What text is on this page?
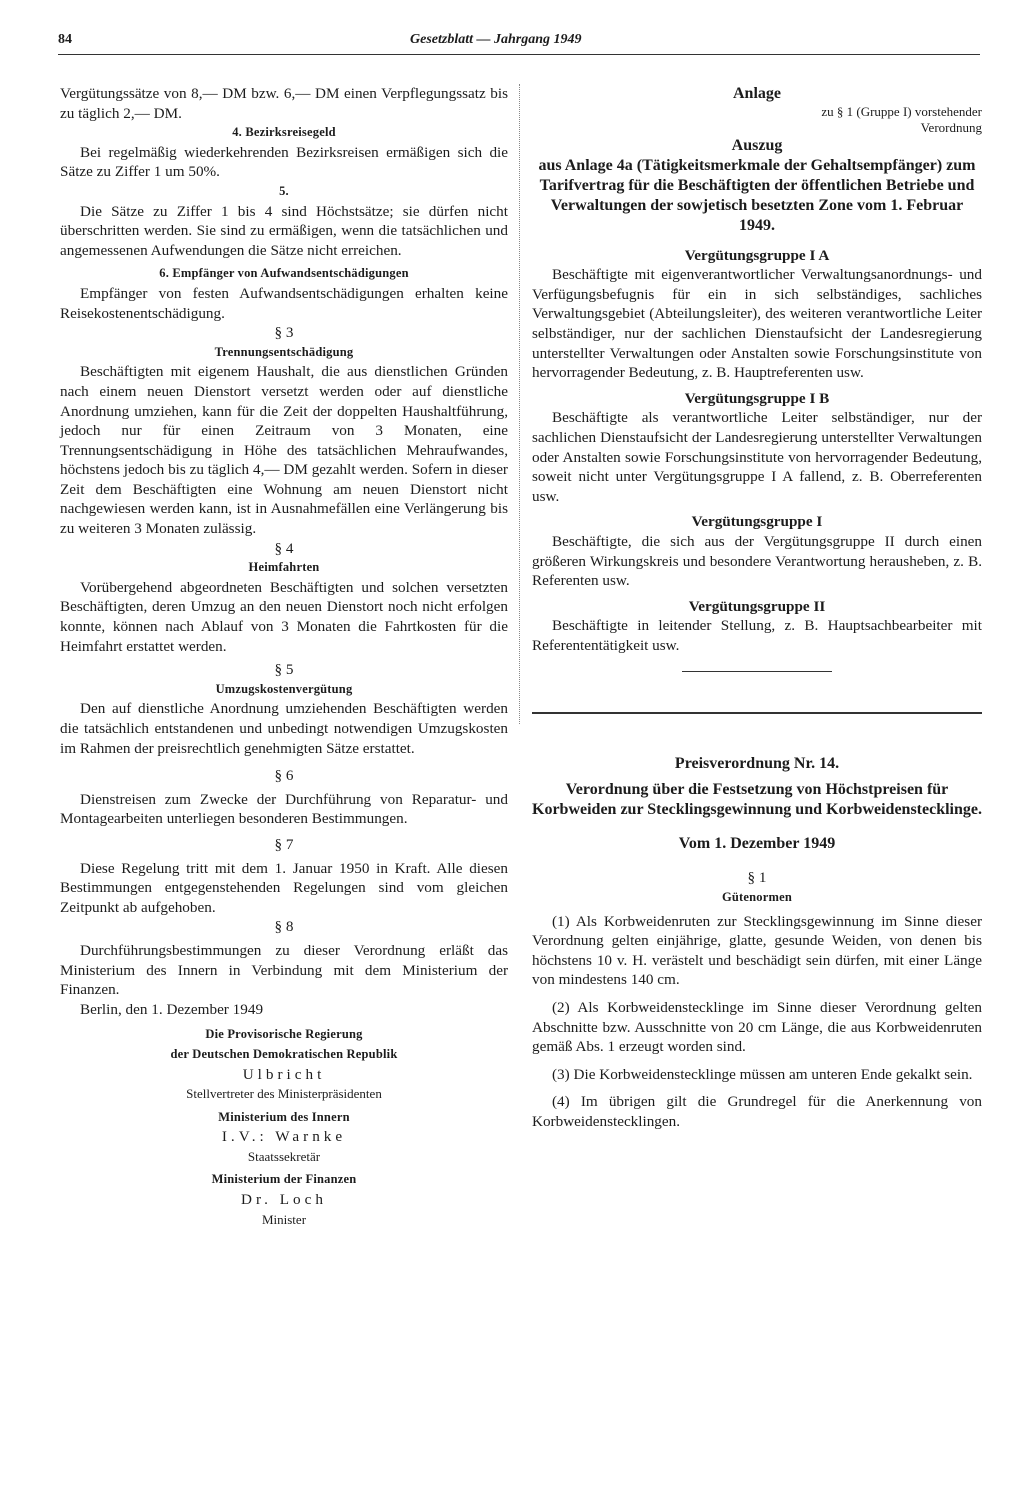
84	Gesetzblatt — Jahrgang 1949

Vergütungssätze von 8,— DM bzw. 6,— DM einen Verpflegungssatz bis zu täglich 2,— DM.

4. Bezirksreisegeld

Bei regelmäßig wiederkehrenden Bezirksreisen ermäßigen sich die Sätze zu Ziffer 1 um 50%.

5.

Die Sätze zu Ziffer 1 bis 4 sind Höchstsätze; sie dürfen nicht überschritten werden. Sie sind zu ermäßigen, wenn die tatsächlichen und angemessenen Aufwendungen die Sätze nicht erreichen.

6. Empfänger von Aufwandsentschädigungen

Empfänger von festen Aufwandsentschädigungen erhalten keine Reisekostenentschädigung.

§ 3
Trennungsentschädigung

Beschäftigten mit eigenem Haushalt, die aus dienstlichen Gründen nach einem neuen Dienstort versetzt werden oder auf dienstliche Anordnung umziehen, kann für die Zeit der doppelten Haushaltführung, jedoch nur für einen Zeitraum von 3 Monaten, eine Trennungsentschädigung in Höhe des tatsächlichen Mehraufwandes, höchstens jedoch bis zu täglich 4,— DM gezahlt werden. Sofern in dieser Zeit dem Beschäftigten eine Wohnung am neuen Dienstort nicht nachgewiesen werden kann, ist in Ausnahmefällen eine Verlängerung bis zu weiteren 3 Monaten zulässig.

§ 4
Heimfahrten

Vorübergehend abgeordneten Beschäftigten und solchen versetzten Beschäftigten, deren Umzug an den neuen Dienstort noch nicht erfolgen konnte, können nach Ablauf von 3 Monaten die Fahrtkosten für die Heimfahrt erstattet werden.

§ 5
Umzugskostenvergütung

Den auf dienstliche Anordnung umziehenden Beschäftigten werden die tatsächlich entstandenen und unbedingt notwendigen Umzugskosten im Rahmen der preisrechtlich genehmigten Sätze erstattet.

§ 6

Dienstreisen zum Zwecke der Durchführung von Reparatur- und Montagearbeiten unterliegen besonderen Bestimmungen.

§ 7

Diese Regelung tritt mit dem 1. Januar 1950 in Kraft. Alle diesen Bestimmungen entgegenstehenden Regelungen sind vom gleichen Zeitpunkt ab aufgehoben.

§ 8

Durchführungsbestimmungen zu dieser Verordnung erläßt das Ministerium des Innern in Verbindung mit dem Ministerium der Finanzen.

Berlin, den 1. Dezember 1949

Die Provisorische Regierung
der Deutschen Demokratischen Republik
Ulbricht
Stellvertreter des Ministerpräsidenten
Ministerium des Innern
I.V.: Warnke
Staatssekretär
Ministerium der Finanzen
Dr. Loch
Minister
Anlage
zu § 1 (Gruppe I) vorstehender
Verordnung
Auszug
aus Anlage 4a (Tätigkeitsmerkmale der Gehaltsempfänger) zum Tarifvertrag für die Beschäftigten der öffentlichen Betriebe und Verwaltungen der sowjetisch besetzten Zone vom 1. Februar 1949.
Vergütungsgruppe I A

Beschäftigte mit eigenverantwortlicher Verwaltungsanordnungs- und Verfügungsbefugnis für ein in sich selbständiges, sachliches Verwaltungsgebiet (Abteilungsleiter), des weiteren verantwortliche Leiter selbständiger, nur der sachlichen Dienstaufsicht der Landesregierung unterstellter Verwaltungen oder Anstalten sowie Forschungsinstitute von hervorragender Bedeutung, z. B. Hauptreferenten usw.

Vergütungsgruppe I B

Beschäftigte als verantwortliche Leiter selbständiger, nur der sachlichen Dienstaufsicht der Landesregierung unterstellter Verwaltungen oder Anstalten sowie Forschungsinstitute von hervorragender Bedeutung, soweit nicht unter Vergütungsgruppe I A fallend, z. B. Oberreferenten usw.

Vergütungsgruppe I

Beschäftigte, die sich aus der Vergütungsgruppe II durch einen größeren Wirkungskreis und besondere Verantwortung herausheben, z. B. Referenten usw.

Vergütungsgruppe II

Beschäftigte in leitender Stellung, z. B. Hauptsachbearbeiter mit Referententätigkeit usw.

Preisverordnung Nr. 14.
Verordnung über die Festsetzung von Höchstpreisen für Korbweiden zur Stecklingsgewinnung und Korbweidenstecklinge.
Vom 1. Dezember 1949
§ 1
Gütenormen

(1) Als Korbweidenruten zur Stecklingsgewinnung im Sinne dieser Verordnung gelten einjährige, glatte, gesunde Weiden, von denen bis höchstens 10 v. H. verästelt und beschädigt sein dürfen, mit einer Länge von mindestens 140 cm.

(2) Als Korbweidenstecklinge im Sinne dieser Verordnung gelten Abschnitte bzw. Ausschnitte von 20 cm Länge, die aus Korbweidenruten gemäß Abs. 1 erzeugt worden sind.

(3) Die Korbweidenstecklinge müssen am unteren Ende gekalkt sein.

(4) Im übrigen gilt die Grundregel für die Anerkennung von Korbweidenstecklingen.
